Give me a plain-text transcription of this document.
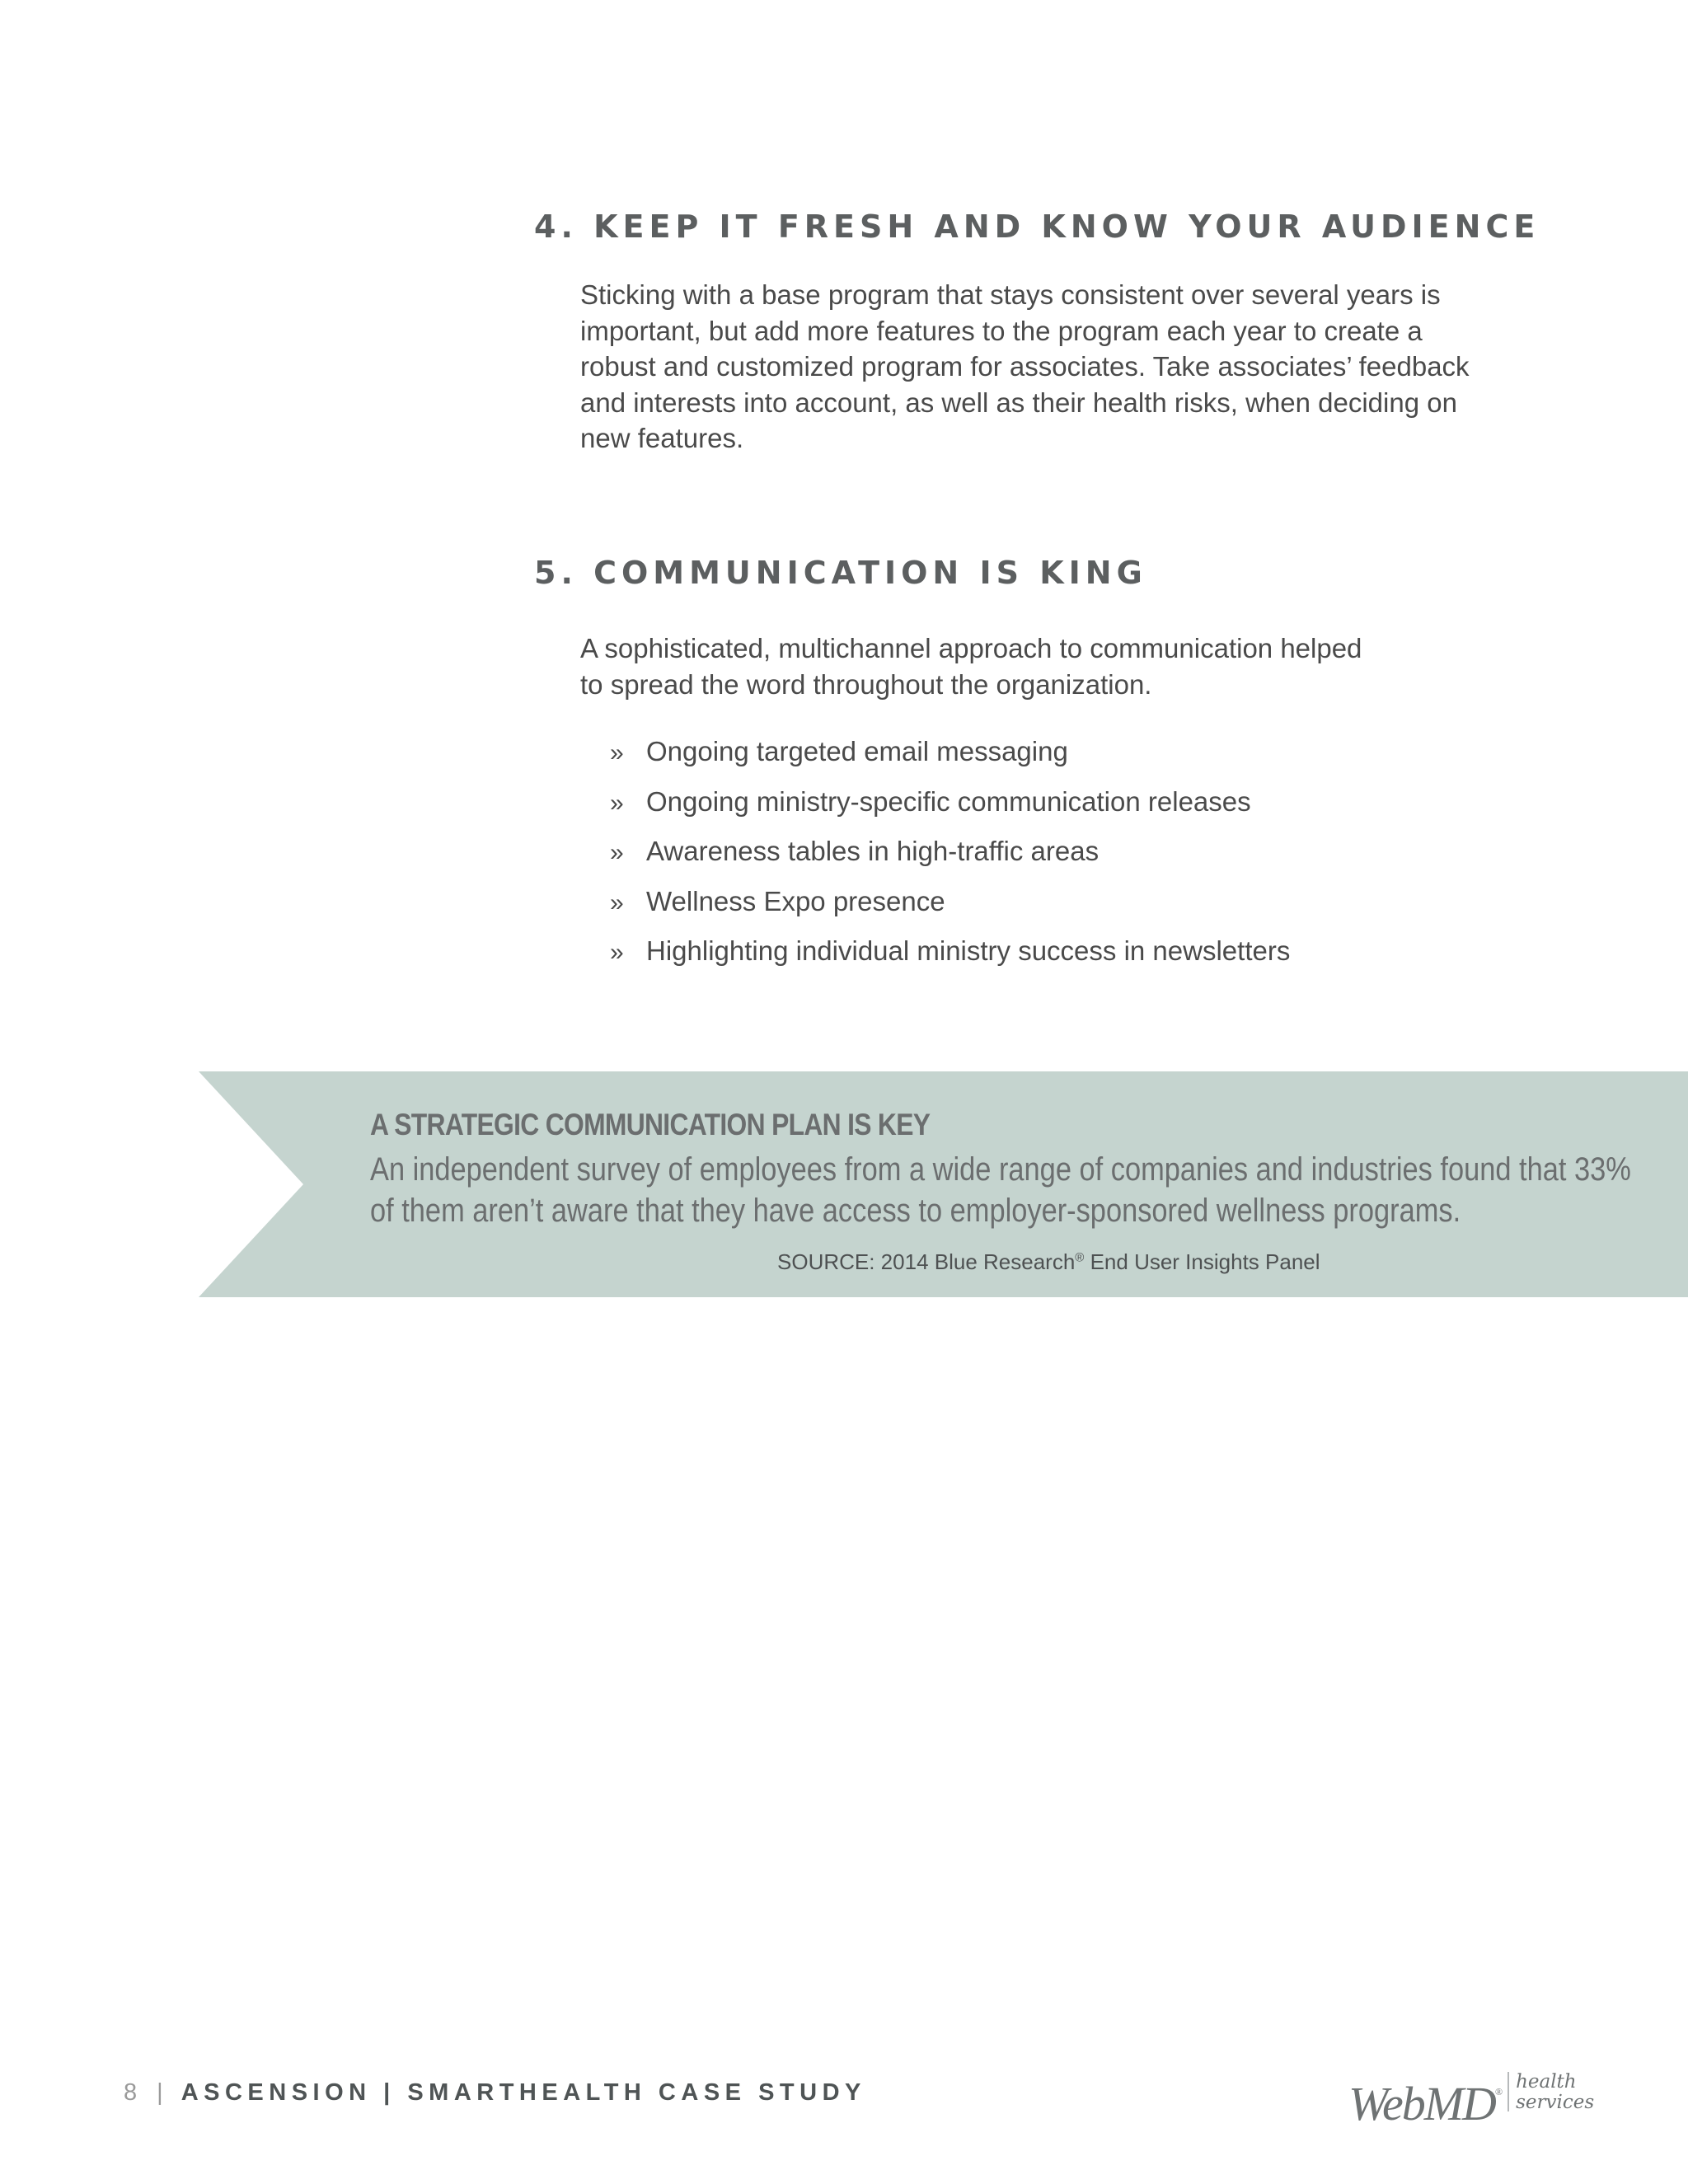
4. KEEP IT FRESH AND KNOW YOUR AUDIENCE

Sticking with a base program that stays consistent over several years is important, but add more features to the program each year to create a robust and customized program for associates. Take associates’ feedback and interests into account, as well as their health risks, when deciding on new features.

5. COMMUNICATION IS KING

A sophisticated, multichannel approach to communication helped to spread the word throughout the organization.

» Ongoing targeted email messaging
» Ongoing ministry-specific communication releases
» Awareness tables in high-traffic areas
» Wellness Expo presence
» Highlighting individual ministry success in newsletters
A STRATEGIC COMMUNICATION PLAN IS KEY

An independent survey of employees from a wide range of companies and industries found that 33% of them aren’t aware that they have access to employer-sponsored wellness programs.

SOURCE: 2014 Blue Research® End User Insights Panel

8 | ASCENSION | SMARTHEALTH CASE STUDY	WebMD® health
services
